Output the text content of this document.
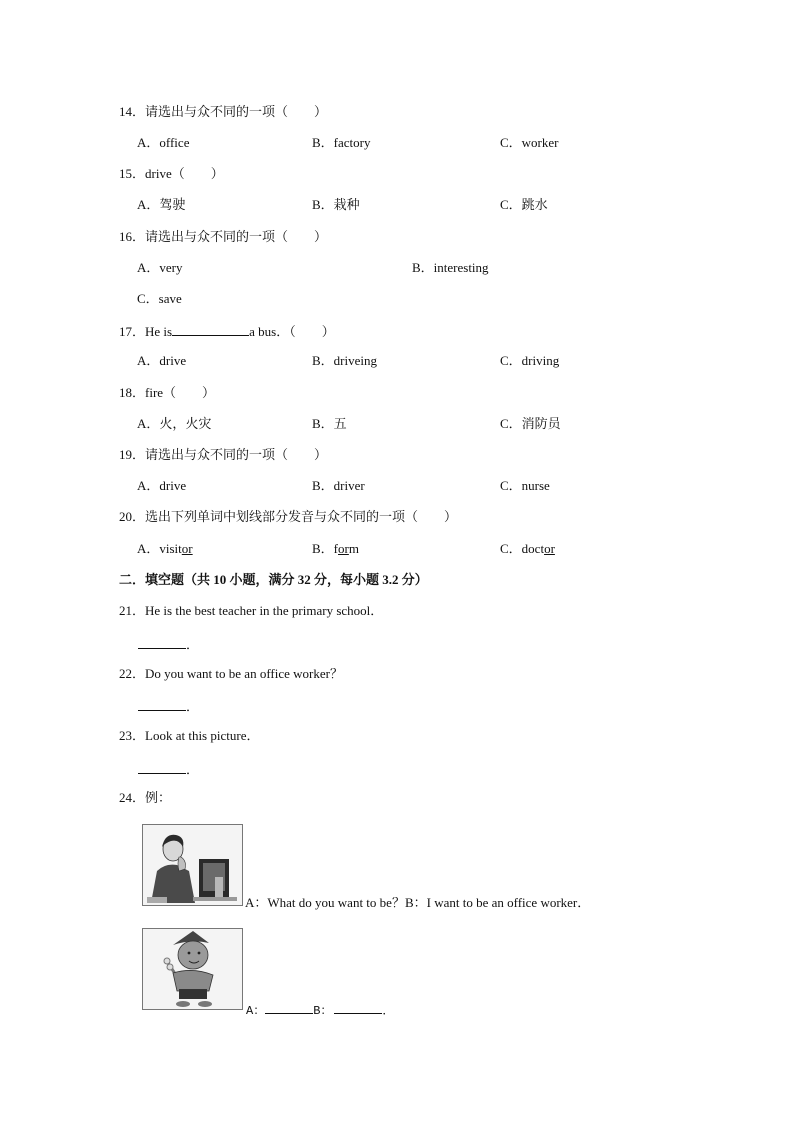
14．请选出与众不同的一项（　　）
A．office	B．factory	C．worker
15．drive（　　）
A．驾驶	B．栽种	C．跳水
16．请选出与众不同的一项（　　）
A．very	B．interesting
C．save
17．He is	a bus．（　　）
A．drive	B．driveing	C．driving
18．fire（　　）
A．火，火灾	B．五	C．消防员
19．请选出与众不同的一项（　　）
A．drive	B．driver	C．nurse
20．选出下列单词中划线部分发音与众不同的一项（　　）
A．visitor	B．form	C．doctor
二．填空题（共 10 小题，满分 32 分，每小题 3.2 分）
21．He is the best teacher in the primary school．
．
22．Do you want to be an office worker？
．
23．Look at this picture．
．
24．例：
A：What do you want to be？B：I want to be an office worker．
A：	B：	．
